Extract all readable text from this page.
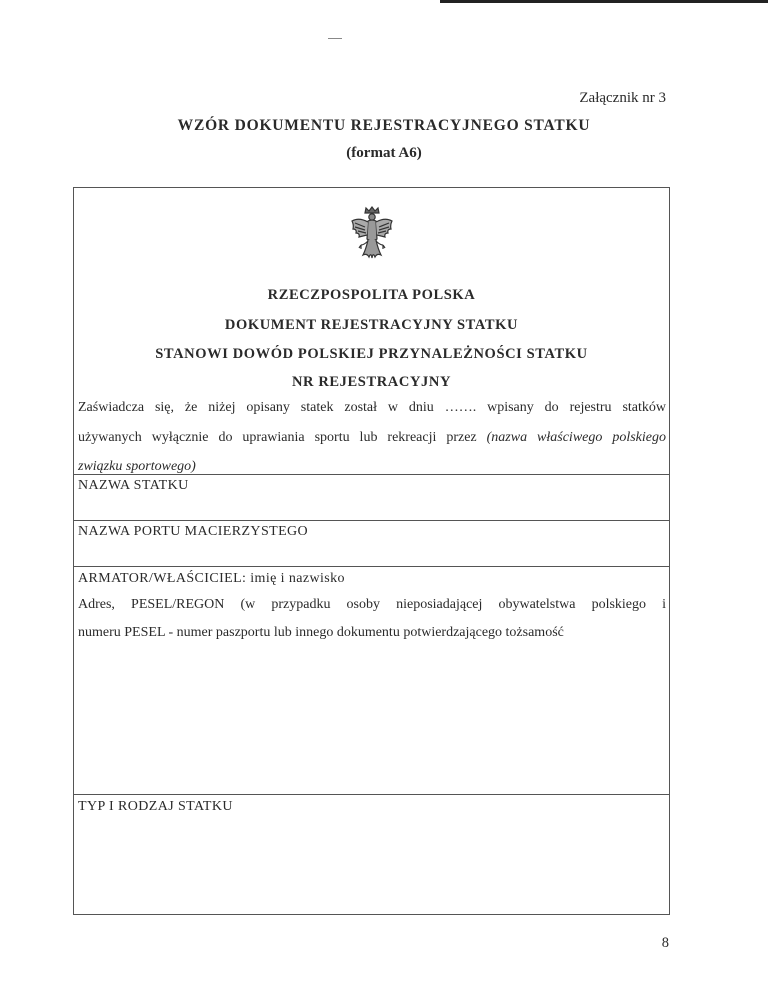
Załącznik nr 3
WZÓR DOKUMENTU REJESTRACYJNEGO STATKU
(format A6)
RZECZPOSPOLITA POLSKA
DOKUMENT REJESTRACYJNY STATKU
STANOWI DOWÓD POLSKIEJ PRZYNALEŻNOŚCI STATKU
NR REJESTRACYJNY
Zaświadcza się, że niżej opisany statek został w dniu ……. wpisany do rejestru statków
używanych wyłącznie do uprawiania sportu lub rekreacji przez (nazwa właściwego polskiego
związku sportowego)
NAZWA STATKU
NAZWA PORTU MACIERZYSTEGO
ARMATOR/WŁAŚCICIEL: imię i nazwisko
Adres, PESEL/REGON (w przypadku osoby nieposiadającej obywatelstwa polskiego i
numeru PESEL - numer paszportu lub innego dokumentu potwierdzającego tożsamość
TYP I RODZAJ STATKU
8
